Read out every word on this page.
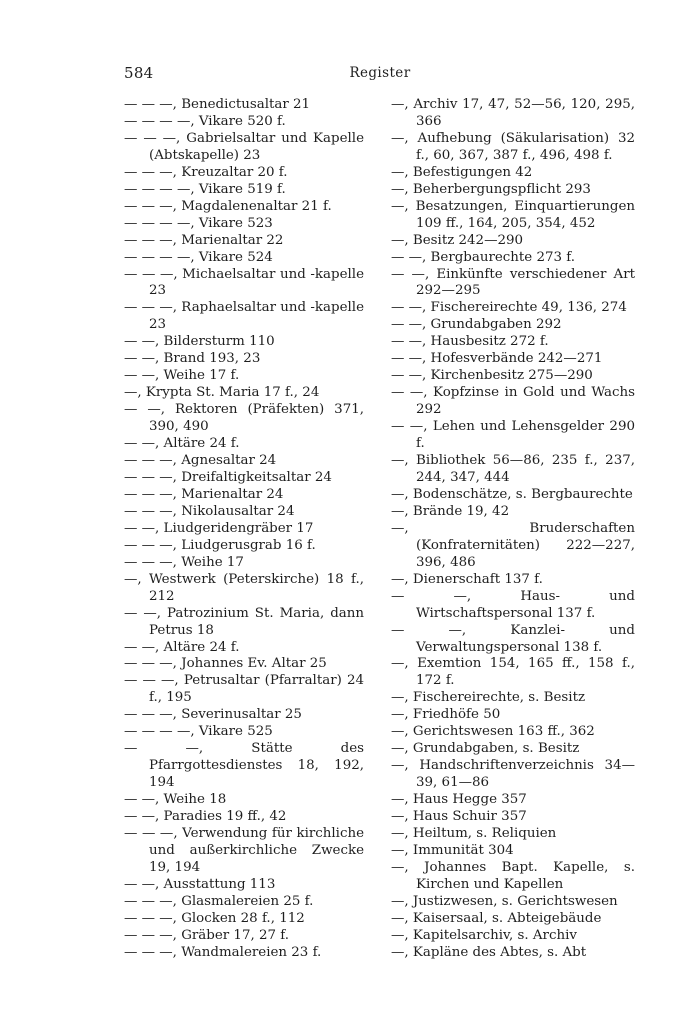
584	Register
— — —, Benedictusaltar 21
— — — —, Vikare 520 f.
— — —, Gabrielsaltar und Kapelle (Abtskapelle) 23
— — —, Kreuzaltar 20 f.
— — — —, Vikare 519 f.
— — —, Magdalenenaltar 21 f.
— — — —, Vikare 523
— — —, Marienaltar 22
— — — —, Vikare 524
— — —, Michaelsaltar und -kapelle 23
— — —, Raphaelsaltar und -kapelle 23
— —, Bildersturm 110
— —, Brand 193, 23
— —, Weihe 17 f.
—, Krypta St. Maria 17 f., 24
— —, Rektoren (Präfekten) 371, 390, 490
— —, Altäre 24 f.
— — —, Agnesaltar 24
— — —, Dreifaltigkeitsaltar 24
— — —, Marienaltar 24
— — —, Nikolausaltar 24
— —, Liudgeridengräber 17
— — —, Liudgerusgrab 16 f.
— — —, Weihe 17
—, Westwerk (Peterskirche) 18 f., 212
— —, Patrozinium St. Maria, dann Petrus 18
— —, Altäre 24 f.
— — —, Johannes Ev. Altar 25
— — —, Petrusaltar (Pfarraltar) 24 f., 195
— — —, Severinusaltar 25
— — — —, Vikare 525
— —, Stätte des Pfarrgottesdienstes 18, 192, 194
— —, Weihe 18
— —, Paradies 19 ff., 42
— — —, Verwendung für kirchliche und außerkirchliche Zwecke 19, 194
— —, Ausstattung 113
— — —, Glasmalereien 25 f.
— — —, Glocken 28 f., 112
— — —, Gräber 17, 27 f.
— — —, Wandmalereien 23 f.
—, Archiv 17, 47, 52—56, 120, 295, 366
—, Aufhebung (Säkularisation) 32 f., 60, 367, 387 f., 496, 498 f.
—, Befestigungen 42
—, Beherbergungspflicht 293
—, Besatzungen, Einquartierungen 109 ff., 164, 205, 354, 452
—, Besitz 242—290
— —, Bergbaurechte 273 f.
— —, Einkünfte verschiedener Art 292—295
— —, Fischereirechte 49, 136, 274
— —, Grundabgaben 292
— —, Hausbesitz 272 f.
— —, Hofesverbände 242—271
— —, Kirchenbesitz 275—290
— —, Kopfzinse in Gold und Wachs 292
— —, Lehen und Lehensgelder 290 f.
—, Bibliothek 56—86, 235 f., 237, 244, 347, 444
—, Bodenschätze, s. Bergbaurechte
—, Brände 19, 42
—, Bruderschaften (Konfraternitäten) 222—227, 396, 486
—, Dienerschaft 137 f.
— —, Haus- und Wirtschaftspersonal 137 f.
— —, Kanzlei- und Verwaltungspersonal 138 f.
—, Exemtion 154, 165 ff., 158 f., 172 f.
—, Fischereirechte, s. Besitz
—, Friedhöfe 50
—, Gerichtswesen 163 ff., 362
—, Grundabgaben, s. Besitz
—, Handschriftenverzeichnis 34—39, 61—86
—, Haus Hegge 357
—, Haus Schuir 357
—, Heiltum, s. Reliquien
—, Immunität 304
—, Johannes Bapt. Kapelle, s. Kirchen und Kapellen
—, Justizwesen, s. Gerichtswesen
—, Kaisersaal, s. Abteigebäude
—, Kapitelsarchiv, s. Archiv
—, Kapläne des Abtes, s. Abt
